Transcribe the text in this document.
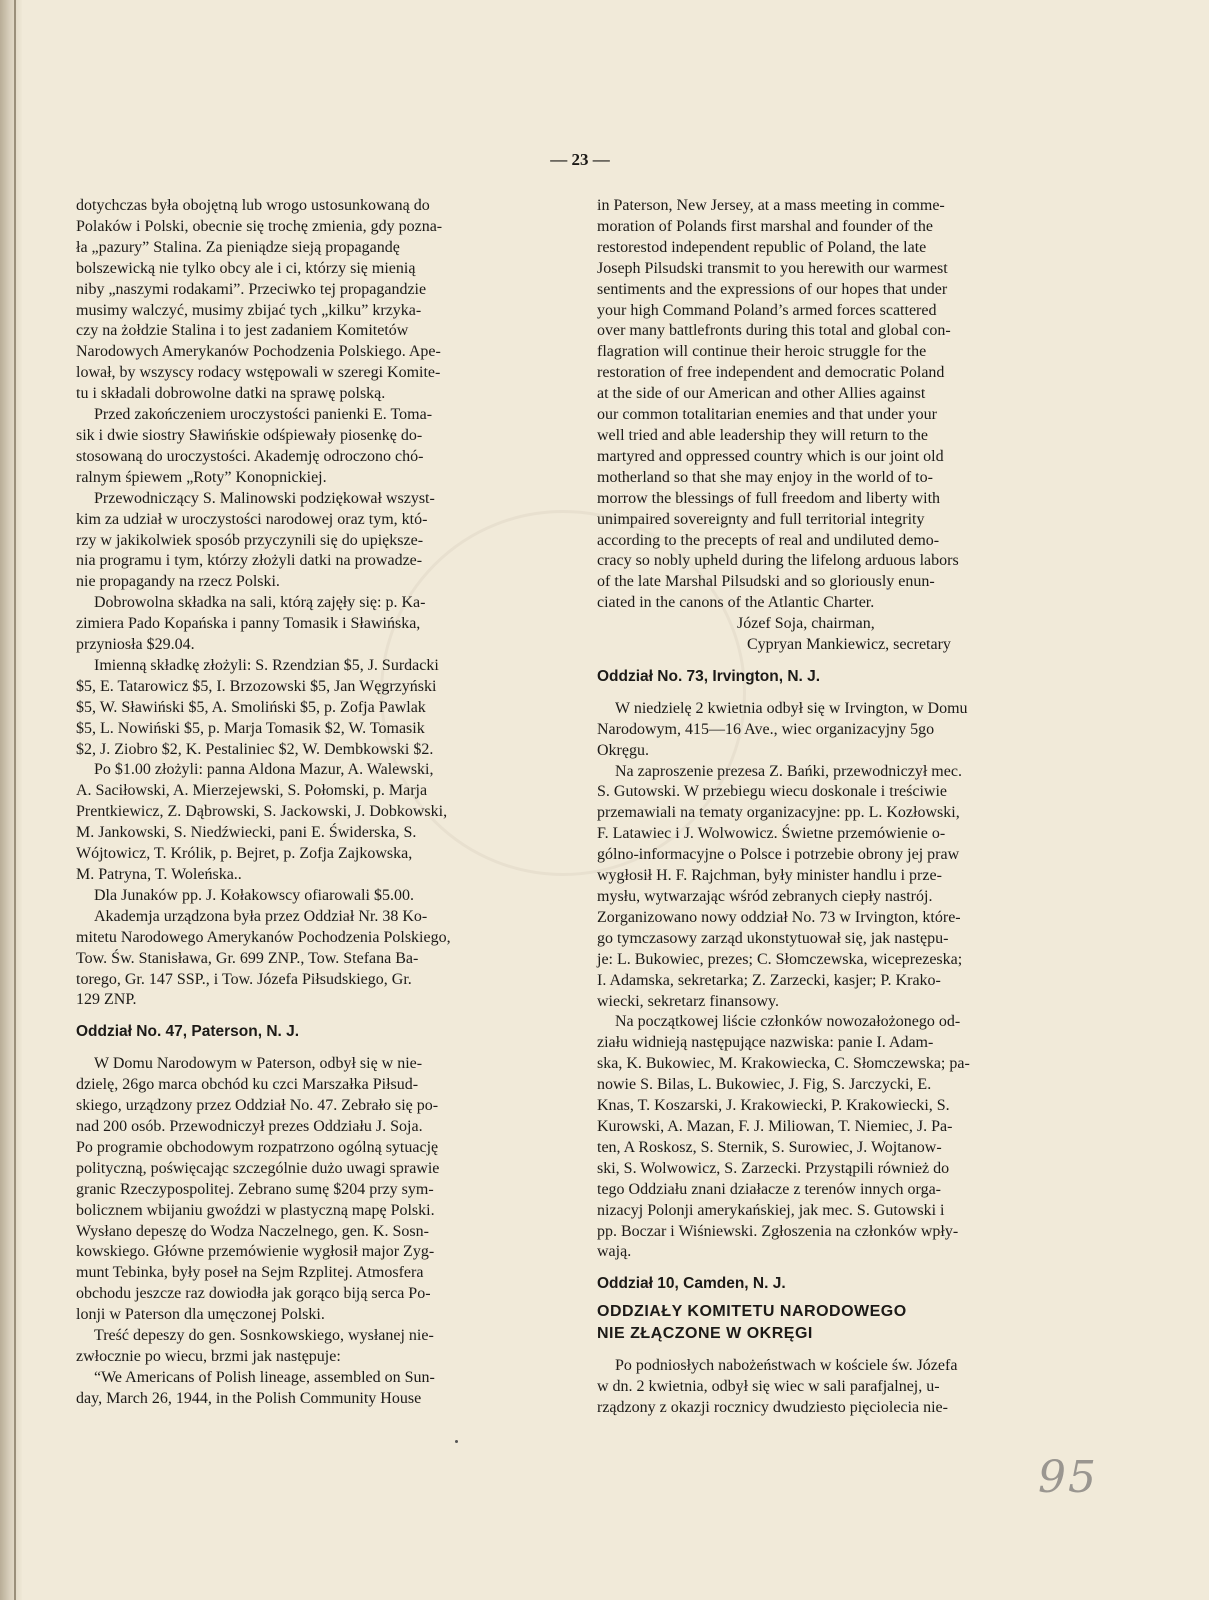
— 23 —

dotychczas była obojętną lub wrogo ustosunkowaną do
Polaków i Polski, obecnie się trochę zmienia, gdy pozna-
ła „pazury” Stalina. Za pieniądze sieją propagandę
bolszewicką nie tylko obcy ale i ci, którzy się mienią
niby „naszymi rodakami”. Przeciwko tej propagandzie
musimy walczyć, musimy zbijać tych „kilku” krzyka-
czy na żołdzie Stalina i to jest zadaniem Komitetów
Narodowych Amerykanów Pochodzenia Polskiego. Ape-
lował, by wszyscy rodacy wstępowali w szeregi Komite-
tu i składali dobrowolne datki na sprawę polską.

Przed zakończeniem uroczystości panienki E. Toma-
sik i dwie siostry Sławińskie odśpiewały piosenkę do-
stosowaną do uroczystości. Akademję odroczono chó-
ralnym śpiewem „Roty” Konopnickiej.

Przewodniczący S. Malinowski podziękował wszyst-
kim za udział w uroczystości narodowej oraz tym, któ-
rzy w jakikolwiek sposób przyczynili się do upiększe-
nia programu i tym, którzy złożyli datki na prowadze-
nie propagandy na rzecz Polski.

Dobrowolna składka na sali, którą zajęły się: p. Ka-
zimiera Pado Kopańska i panny Tomasik i Sławińska,
przyniosła $29.04.

Imienną składkę złożyli: S. Rzendzian $5, J. Surdacki
$5, E. Tatarowicz $5, I. Brzozowski $5, Jan Węgrzyński
$5, W. Sławiński $5, A. Smoliński $5, p. Zofja Pawlak
$5, L. Nowiński $5, p. Marja Tomasik $2, W. Tomasik
$2, J. Ziobro $2, K. Pestaliniec $2, W. Dembkowski $2.

Po $1.00 złożyli: panna Aldona Mazur, A. Walewski,
A. Saciłowski, A. Mierzejewski, S. Połomski, p. Marja
Prentkiewicz, Z. Dąbrowski, S. Jackowski, J. Dobkowski,
M. Jankowski, S. Niedźwiecki, pani E. Świderska, S.
Wójtowicz, T. Królik, p. Bejret, p. Zofja Zajkowska,
M. Patryna, T. Woleńska..

Dla Junaków pp. J. Kołakowscy ofiarowali $5.00.

Akademja urządzona była przez Oddział Nr. 38 Ko-
mitetu Narodowego Amerykanów Pochodzenia Polskiego,
Tow. Św. Stanisława, Gr. 699 ZNP., Tow. Stefana Ba-
torego, Gr. 147 SSP., i Tow. Józefa Piłsudskiego, Gr.
129 ZNP.

Oddział No. 47, Paterson, N. J.

W Domu Narodowym w Paterson, odbył się w nie-
dzielę, 26go marca obchód ku czci Marszałka Piłsud-
skiego, urządzony przez Oddział No. 47. Zebrało się po-
nad 200 osób. Przewodniczył prezes Oddziału J. Soja.
Po programie obchodowym rozpatrzono ogólną sytuację
polityczną, poświęcając szczególnie dużo uwagi sprawie
granic Rzeczypospolitej. Zebrano sumę $204 przy sym-
bolicznem wbijaniu gwoździ w plastyczną mapę Polski.
Wysłano depeszę do Wodza Naczelnego, gen. K. Sosn-
kowskiego. Główne przemówienie wygłosił major Zyg-
munt Tebinka, były poseł na Sejm Rzplitej. Atmosfera
obchodu jeszcze raz dowiodła jak gorąco biją serca Po-
lonji w Paterson dla umęczonej Polski.

Treść depeszy do gen. Sosnkowskiego, wysłanej nie-
zwłocznie po wiecu, brzmi jak następuje:

“We Americans of Polish lineage, assembled on Sun-
day, March 26, 1944, in the Polish Community House

in Paterson, New Jersey, at a mass meeting in comme-
moration of Polands first marshal and founder of the
restorestod independent republic of Poland, the late
Joseph Pilsudski transmit to you herewith our warmest
sentiments and the expressions of our hopes that under
your high Command Poland’s armed forces scattered
over many battlefronts during this total and global con-
flagration will continue their heroic struggle for the
restoration of free independent and democratic Poland
at the side of our American and other Allies against
our common totalitarian enemies and that under your
well tried and able leadership they will return to the
martyred and oppressed country which is our joint old
motherland so that she may enjoy in the world of to-
morrow the blessings of full freedom and liberty with
unimpaired sovereignty and full territorial integrity
according to the precepts of real and undiluted demo-
cracy so nobly upheld during the lifelong arduous labors
of the late Marshal Pilsudski and so gloriously enun-
ciated in the canons of the Atlantic Charter.

Józef Soja, chairman,

Cypryan Mankiewicz, secretary

Oddział No. 73, Irvington, N. J.

W niedzielę 2 kwietnia odbył się w Irvington, w Domu
Narodowym, 415—16 Ave., wiec organizacyjny 5go
Okręgu.

Na zaproszenie prezesa Z. Bańki, przewodniczył mec.
S. Gutowski. W przebiegu wiecu doskonale i treściwie
przemawiali na tematy organizacyjne: pp. L. Kozłowski,
F. Latawiec i J. Wolwowicz. Świetne przemówienie o-
gólno-informacyjne o Polsce i potrzebie obrony jej praw
wygłosił H. F. Rajchman, były minister handlu i prze-
mysłu, wytwarzając wśród zebranych ciepły nastrój.
Zorganizowano nowy oddział No. 73 w Irvington, które-
go tymczasowy zarząd ukonstytuował się, jak następu-
je: L. Bukowiec, prezes; C. Słomczewska, wiceprezeska;
I. Adamska, sekretarka; Z. Zarzecki, kasjer; P. Krako-
wiecki, sekretarz finansowy.

Na początkowej liście członków nowozałożonego od-
ziału widnieją następujące nazwiska: panie I. Adam-
ska, K. Bukowiec, M. Krakowiecka, C. Słomczewska; pa-
nowie S. Bilas, L. Bukowiec, J. Fig, S. Jarczycki, E.
Knas, T. Koszarski, J. Krakowiecki, P. Krakowiecki, S.
Kurowski, A. Mazan, F. J. Miliowan, T. Niemiec, J. Pa-
ten, A Roskosz, S. Sternik, S. Surowiec, J. Wojtanow-
ski, S. Wolwowicz, S. Zarzecki. Przystąpili również do
tego Oddziału znani działacze z terenów innych orga-
nizacyj Polonji amerykańskiej, jak mec. S. Gutowski i
pp. Boczar i Wiśniewski. Zgłoszenia na członków wpły-
wają.

Oddział 10, Camden, N. J.
ODDZIAŁY KOMITETU NARODOWEGO
NIE ZŁĄCZONE W OKRĘGI

Po podniosłych nabożeństwach w kościele św. Józefa
w dn. 2 kwietnia, odbył się wiec w sali parafjalnej, u-
rządzony z okazji rocznicy dwudziesto pięciolecia nie-

95
